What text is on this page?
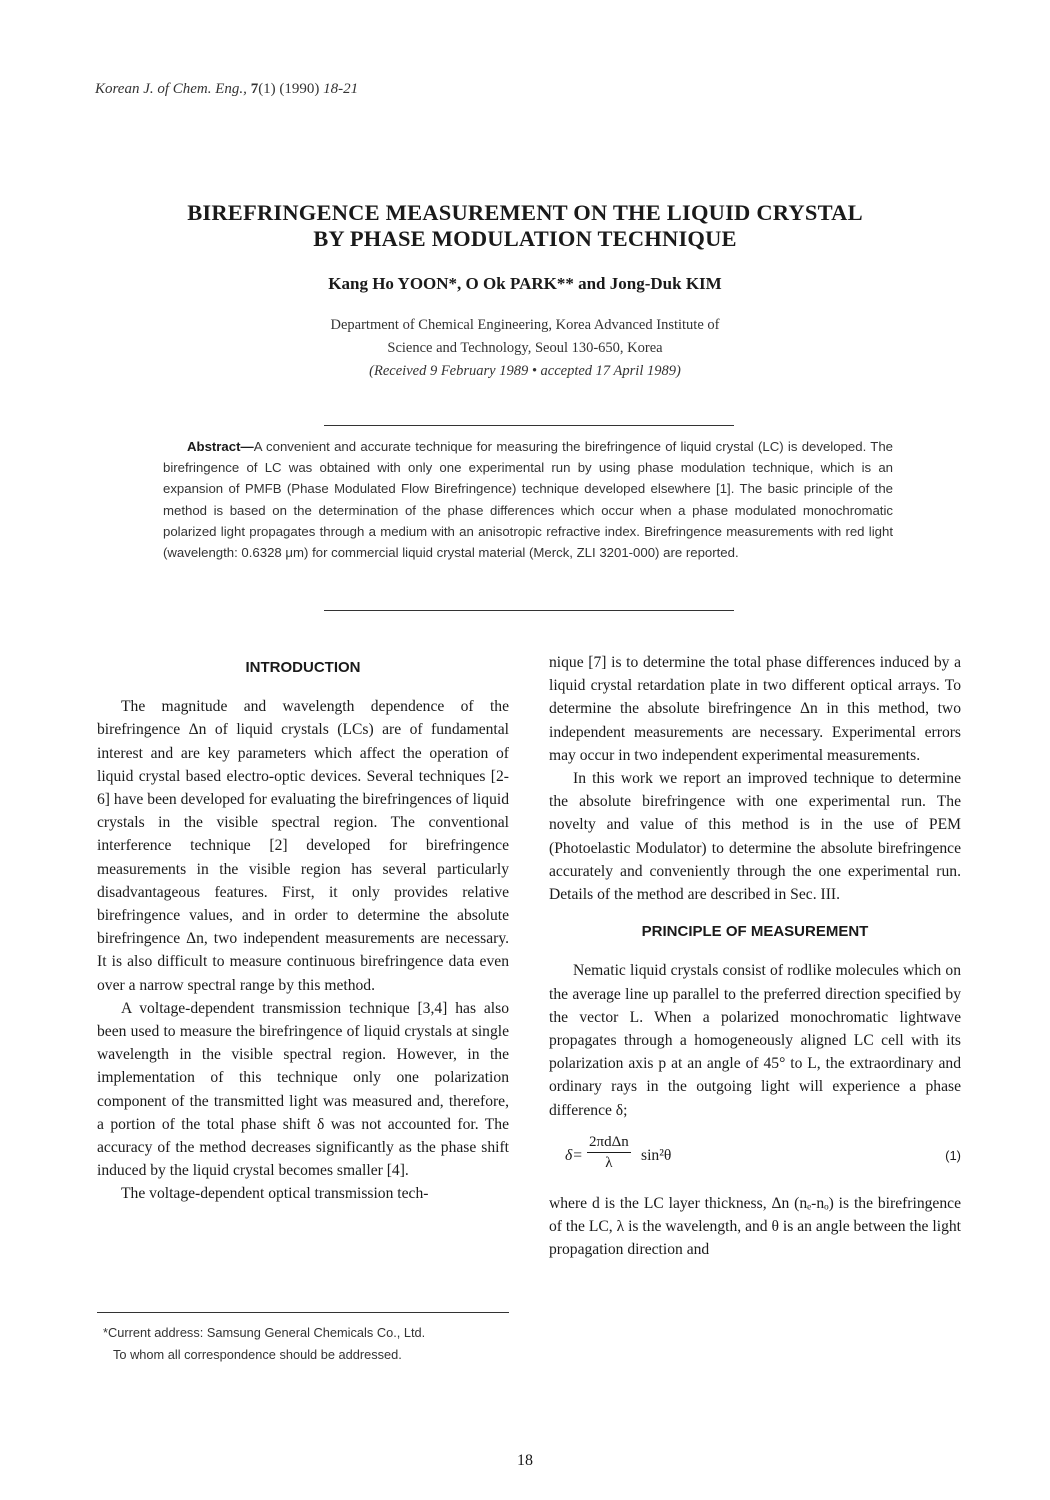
Korean J. of Chem. Eng., 7(1) (1990) 18-21
BIREFRINGENCE MEASUREMENT ON THE LIQUID CRYSTAL
BY PHASE MODULATION TECHNIQUE
Kang Ho YOON*, O Ok PARK** and Jong-Duk KIM
Department of Chemical Engineering, Korea Advanced Institute of
Science and Technology, Seoul 130-650, Korea
(Received 9 February 1989 • accepted 17 April 1989)
Abstract—A convenient and accurate technique for measuring the birefringence of liquid crystal (LC) is developed. The birefringence of LC was obtained with only one experimental run by using phase modulation technique, which is an expansion of PMFB (Phase Modulated Flow Birefringence) technique developed elsewhere [1]. The basic principle of the method is based on the determination of the phase differences which occur when a phase modulated monochromatic polarized light propagates through a medium with an anisotropic refractive index. Birefringence measurements with red light (wavelength: 0.6328 μm) for commercial liquid crystal material (Merck, ZLI 3201-000) are reported.
INTRODUCTION

The magnitude and wavelength dependence of the birefringence Δn of liquid crystals (LCs) are of fundamental interest and are key parameters which affect the operation of liquid crystal based electro-optic devices. Several techniques [2-6] have been developed for evaluating the birefringences of liquid crystals in the visible spectral region. The conventional interference technique [2] developed for birefringence measurements in the visible region has several particularly disadvantageous features. First, it only provides relative birefringence values, and in order to determine the absolute birefringence Δn, two independent measurements are necessary. It is also difficult to measure continuous birefringence data even over a narrow spectral range by this method.

A voltage-dependent transmission technique [3,4] has also been used to measure the birefringence of liquid crystals at single wavelength in the visible spectral region. However, in the implementation of this technique only one polarization component of the transmitted light was measured and, therefore, a portion of the total phase shift δ was not accounted for. The accuracy of the method decreases significantly as the phase shift induced by the liquid crystal becomes smaller [4].

The voltage-dependent optical transmission tech-

nique [7] is to determine the total phase differences induced by a liquid crystal retardation plate in two different optical arrays. To determine the absolute birefringence Δn in this method, two independent measurements are necessary. Experimental errors may occur in two independent experimental measurements.

In this work we report an improved technique to determine the absolute birefringence with one experimental run. The novelty and value of this method is in the use of PEM (Photoelastic Modulator) to determine the absolute birefringence accurately and conveniently through the one experimental run. Details of the method are described in Sec. III.

PRINCIPLE OF MEASUREMENT

Nematic liquid crystals consist of rodlike molecules which on the average line up parallel to the preferred direction specified by the vector L. When a polarized monochromatic lightwave propagates through a homogeneously aligned LC cell with its polarization axis p at an angle of 45° to L, the extraordinary and ordinary rays in the outgoing light will experience a phase difference δ;

δ=
2πdΔn
λ	sin²θ	(1)

where d is the LC layer thickness, Δn (nₑ-nₒ) is the birefringence of the LC, λ is the wavelength, and θ is an angle between the light propagation direction and

*Current address: Samsung General Chemicals Co., Ltd.
To whom all correspondence should be addressed.
18
